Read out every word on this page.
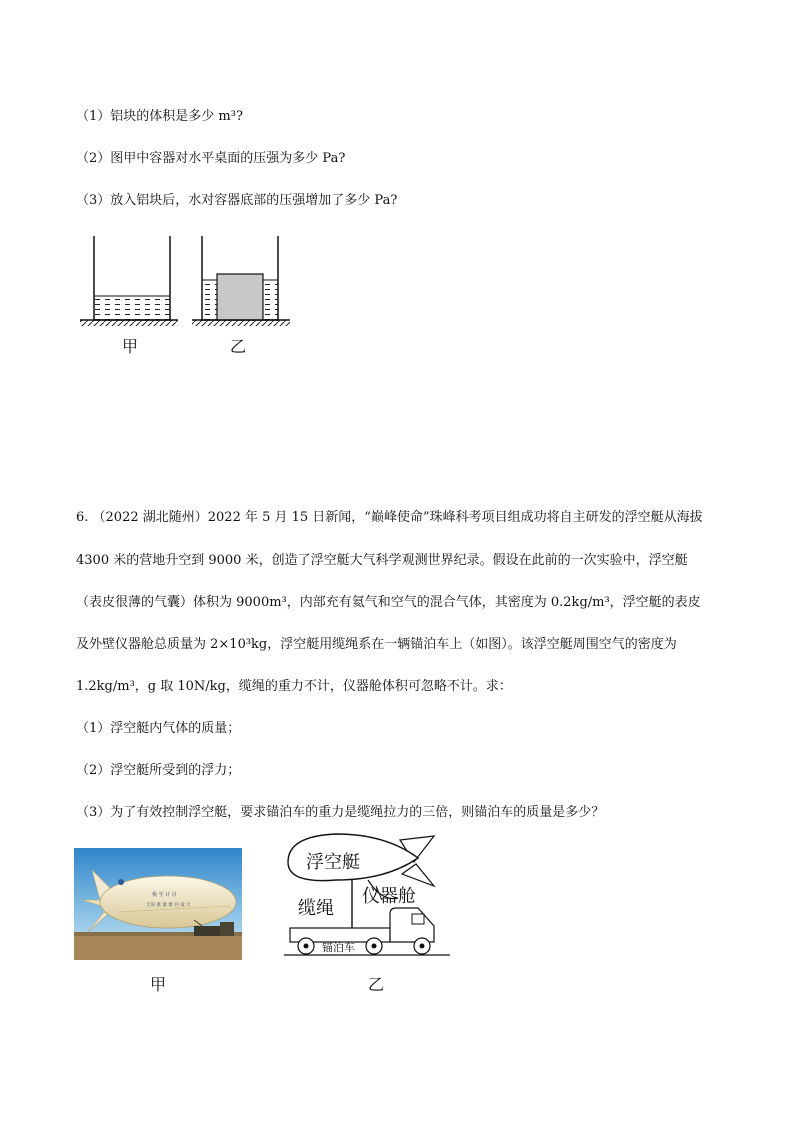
（1）铝块的体积是多少 m³?
（2）图甲中容器对水平桌面的压强为多少 Pa?
（3）放入铝块后，水对容器底部的压强增加了多少 Pa?
甲	乙
6. （2022 湖北随州）2022 年 5 月 15 日新闻，“巅峰使命”珠峰科考项目组成功将自主研发的浮空艇从海拔
4300 米的营地升空到 9000 米，创造了浮空艇大气科学观测世界纪录。假设在此前的一次实验中，浮空艇
（表皮很薄的气囊）体积为 9000m³，内部充有氦气和空气的混合气体，其密度为 0.2kg/m³，浮空艇的表皮
及外壁仪器舱总质量为 2×10³kg，浮空艇用缆绳系在一辆锚泊车上（如图）。该浮空艇周围空气的密度为
1.2kg/m³，g 取 10N/kg，缆绳的重力不计，仪器舱体积可忽略不计。求：
（1）浮空艇内气体的质量；
（2）浮空艇所受到的浮力；
（3）为了有效控制浮空艇，要求锚泊车的重力是缆绳拉力的三倍，则锚泊车的质量是多少？
极 至 计 目
天旧 重 量 要 共 设 大
浮空艇
仪器舱
缆绳
锚泊车
甲	乙
